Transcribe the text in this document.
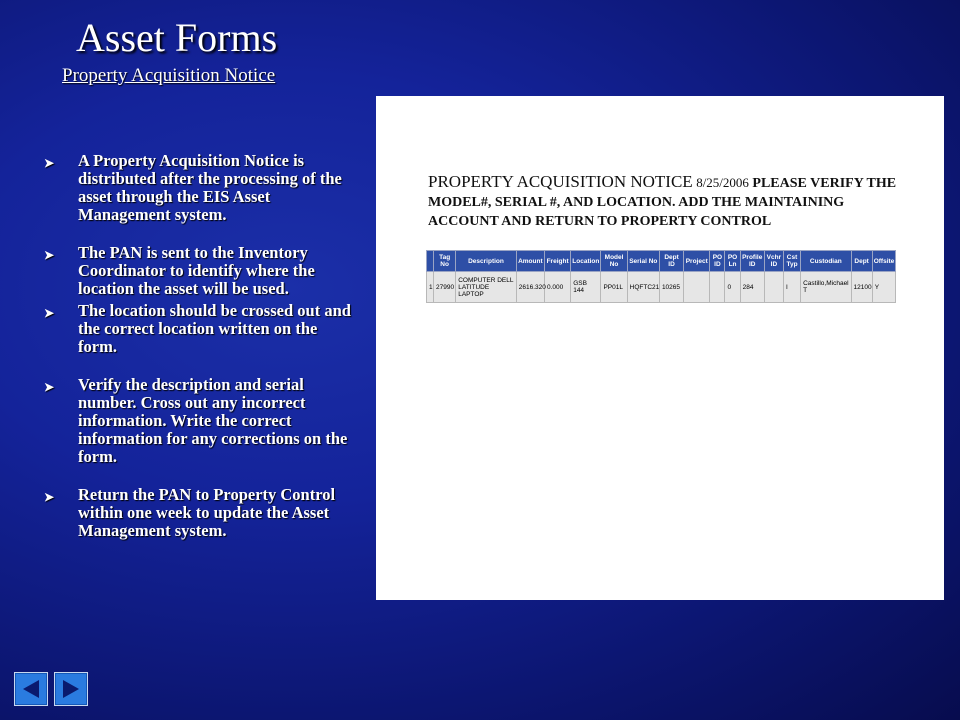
Asset Forms
Property Acquisition Notice
➤ A Property Acquisition Notice is distributed after the processing of the asset through the EIS Asset Management system.
➤ The PAN is sent to the Inventory Coordinator to identify where the location the asset will be used.
➤ The location should be crossed out and the correct location written on the form.
➤ Verify the description and serial number. Cross out any incorrect information. Write the correct information for any corrections on the form.
➤ Return the PAN to Property Control within one week to update the Asset Management system.
PROPERTY ACQUISITION NOTICE 8/25/2006 PLEASE VERIFY THE MODEL#, SERIAL #, AND LOCATION. ADD THE MAINTAINING ACCOUNT AND RETURN TO PROPERTY CONTROL
	Tag No	Description	Amount	Freight	Location	Model No	Serial No	Dept ID	Project	PO ID	PO Ln	Profile ID	Vchr ID	Cst Typ	Custodian	Dept	Offsite
1	27990	COMPUTER DELL LATITUDE LAPTOP	2616.320	0.000	GSB 144	PP01L	HQFTC21	10265			0	284		I	Castillo,Michael T	12100	Y
